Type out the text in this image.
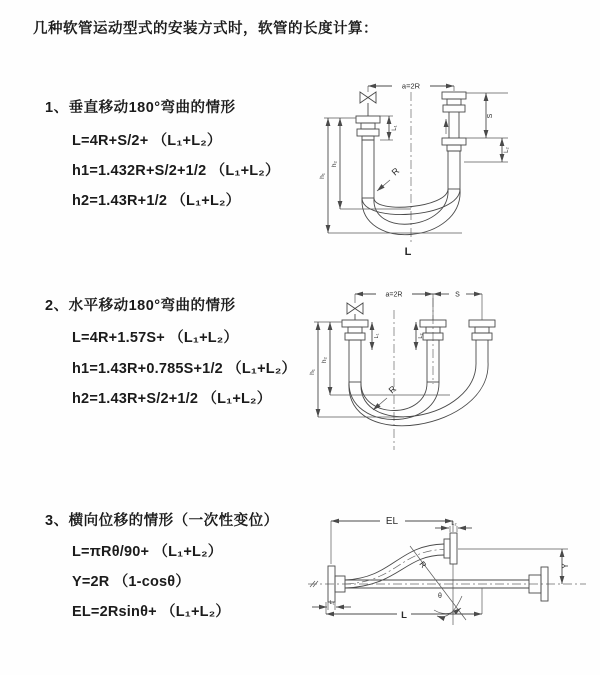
几种软管运动型式的安装方式时，软管的长度计算：
1、垂直移动180°弯曲的情形
L=4R+S/2+ （L₁+L₂）
h1=1.432R+S/2+1/2 （L₁+L₂）
h2=1.43R+1/2 （L₁+L₂）
2、水平移动180°弯曲的情形
L=4R+1.57S+ （L₁+L₂）
h1=1.43R+0.785S+1/2 （L₁+L₂）
h2=1.43R+S/2+1/2 （L₁+L₂）
3、横向位移的情形（一次性变位）
L=πRθ/90+ （L₁+L₂）
Y=2R （1-cosθ）
EL=2Rsinθ+ （L₁+L₂）
a=2R
L₁
R
h₁
h₂
S
L₂
L
a=2R	S
L₁	L₂
R
h₁
h₂
EL	L₂
R
θ
Y
L₁
L
